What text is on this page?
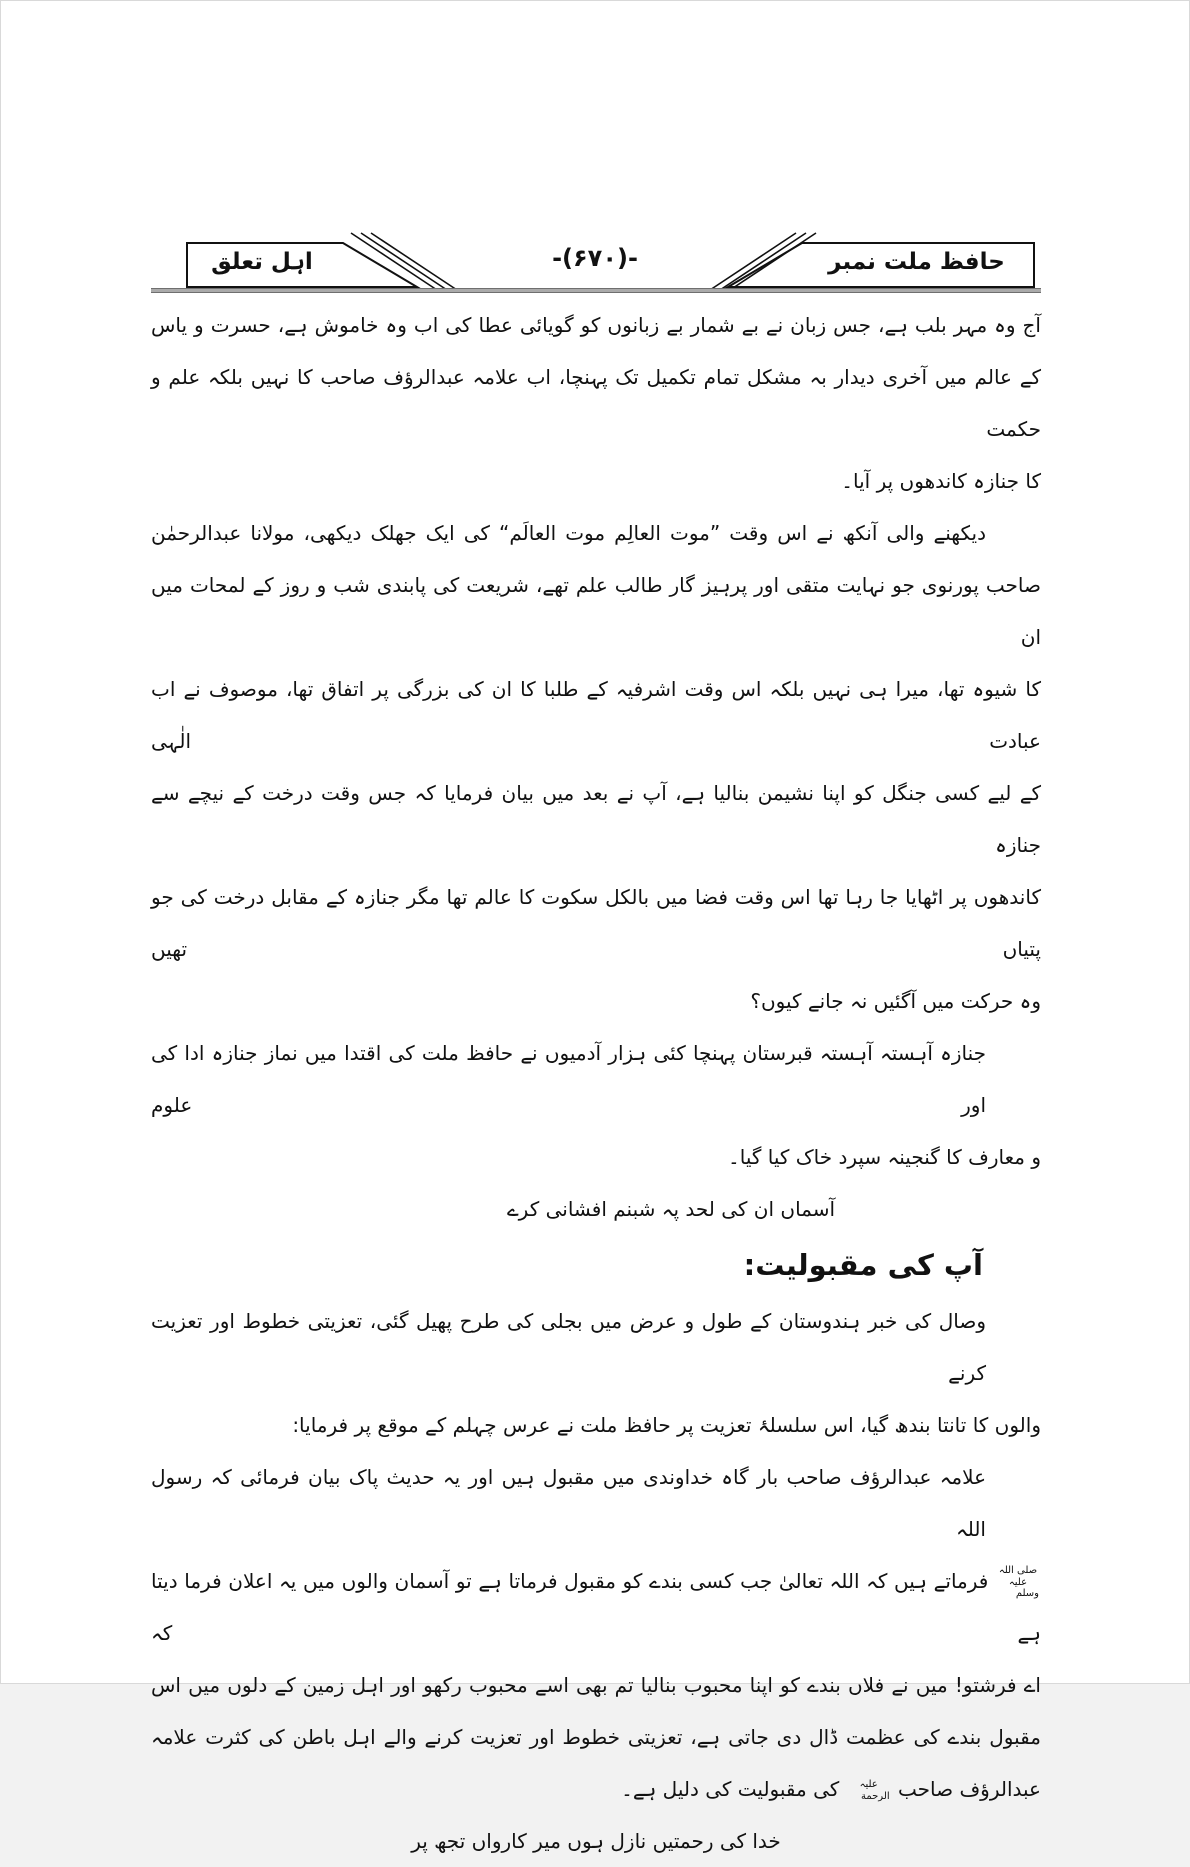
حافظ ملت نمبر
-(۶۷۰)-
اہل تعلق
آج وہ مہر بلب ہے، جس زبان نے بے شمار بے زبانوں کو گویائی عطا کی اب وہ خاموش ہے، حسرت و یاس
کے عالم میں آخری دیدار بہ مشکل تمام تکمیل تک پہنچا، اب علامہ عبدالرؤف صاحب کا نہیں بلکہ علم و حکمت
کا جنازہ کاندھوں پر آیا۔
دیکھنے والی آنکھ نے اس وقت ”موت العالِم موت العالَم“ کی ایک جھلک دیکھی، مولانا عبدالرحمٰن
صاحب پورنوی جو نہایت متقی اور پرہیز گار طالب علم تھے، شریعت کی پابندی شب و روز کے لمحات میں ان
کا شیوہ تھا، میرا ہی نہیں بلکہ اس وقت اشرفیہ کے طلبا کا ان کی بزرگی پر اتفاق تھا، موصوف نے اب عبادت الٰہی
کے لیے کسی جنگل کو اپنا نشیمن بنالیا ہے، آپ نے بعد میں بیان فرمایا کہ جس وقت درخت کے نیچے سے جنازہ
کاندھوں پر اٹھایا جا رہا تھا اس وقت فضا میں بالکل سکوت کا عالم تھا مگر جنازہ کے مقابل درخت کی جو پتیاں تھیں
وہ حرکت میں آگئیں نہ جانے کیوں؟
جنازہ آہستہ آہستہ قبرستان پہنچا کئی ہزار آدمیوں نے حافظ ملت کی اقتدا میں نماز جنازہ ادا کی اور علوم
و معارف کا گنجینہ سپرد خاک کیا گیا۔
آسماں ان کی لحد پہ شبنم افشانی کرے
آپ کی مقبولیت:
وصال کی خبر ہندوستان کے طول و عرض میں بجلی کی طرح پھیل گئی، تعزیتی خطوط اور تعزیت کرنے
والوں کا تانتا بندھ گیا، اس سلسلۂ تعزیت پر حافظ ملت نے عرس چہلم کے موقع پر فرمایا:
علامہ عبدالرؤف صاحب بار گاہ خداوندی میں مقبول ہیں اور یہ حدیث پاک بیان فرمائی کہ رسول اللہ
صلی اللہ علیہ وسلم فرماتے ہیں کہ اللہ تعالیٰ جب کسی بندے کو مقبول فرماتا ہے تو آسمان والوں میں یہ اعلان فرما دیتا ہے کہ
اے فرشتو! میں نے فلاں بندے کو اپنا محبوب بنالیا تم بھی اسے محبوب رکھو اور اہل زمین کے دلوں میں اس
مقبول بندے کی عظمت ڈال دی جاتی ہے، تعزیتی خطوط اور تعزیت کرنے والے اہل باطن کی کثرت علامہ
عبدالرؤف صاحب علیہ الرحمة کی مقبولیت کی دلیل ہے۔
خدا کی رحمتیں نازل ہوں میر کارواں تجھ پر
